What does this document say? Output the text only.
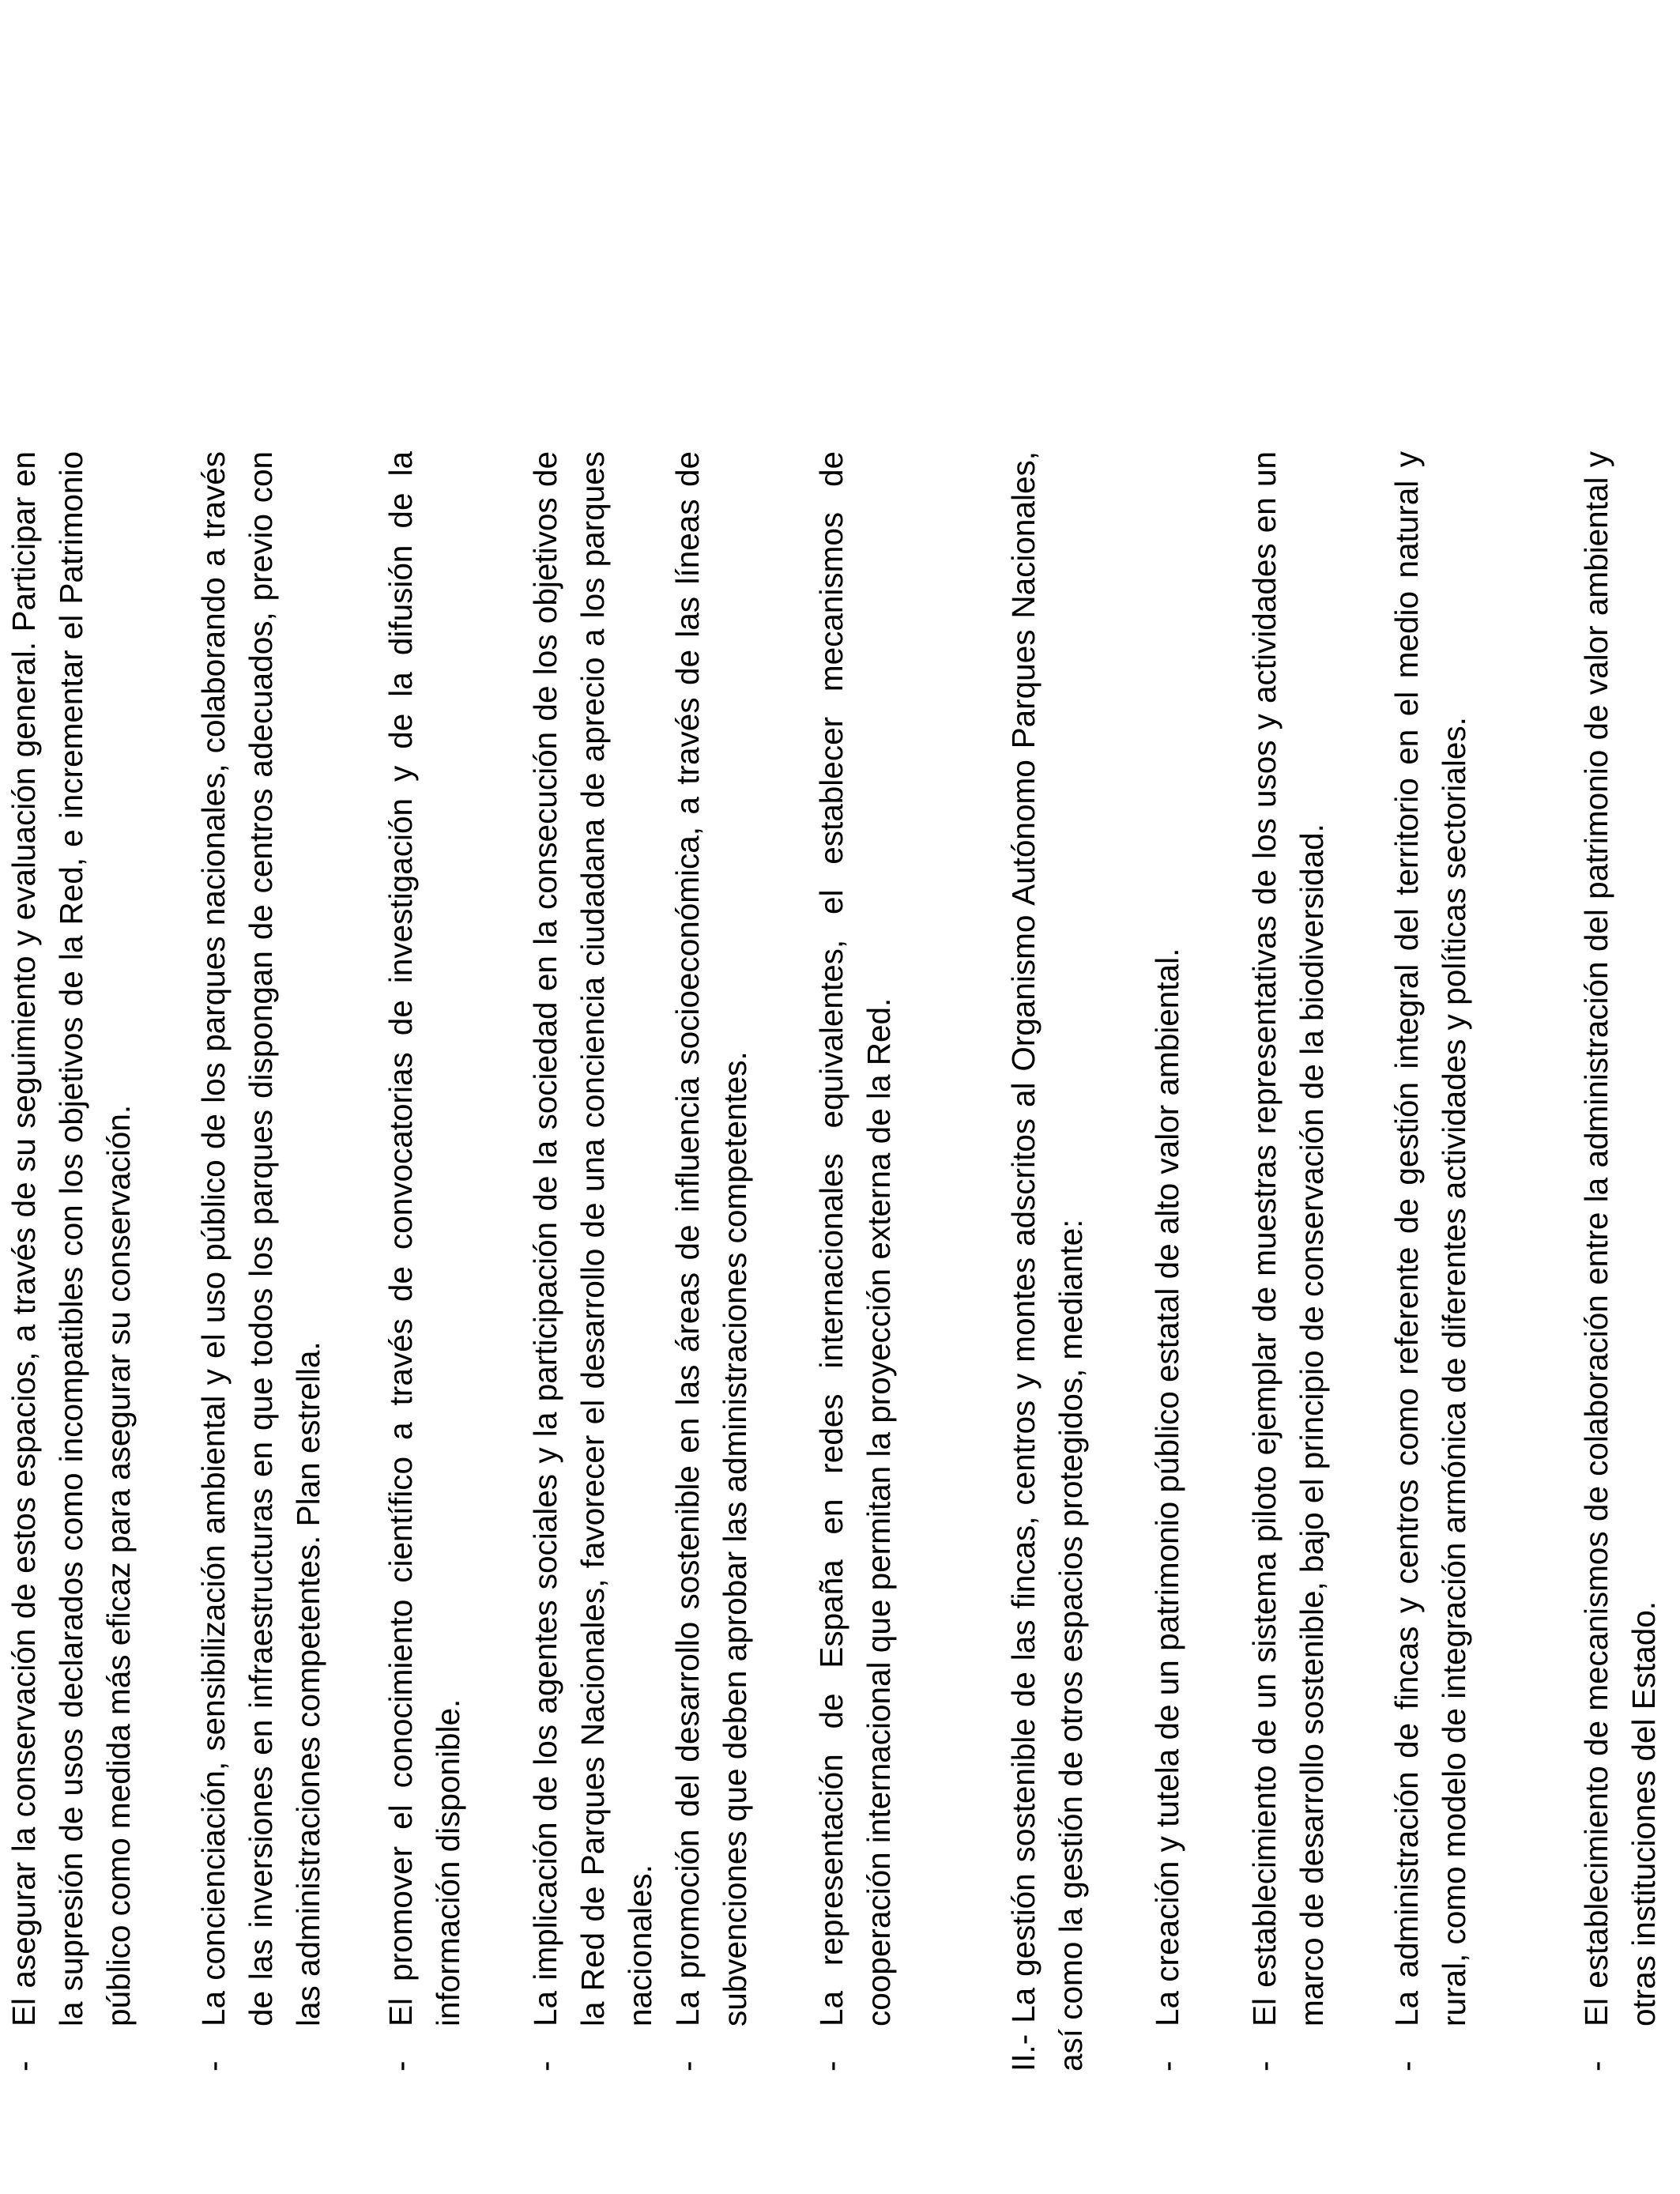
-
El asegurar la conservación de estos espacios, a través de su seguimiento y evaluación general. Participar en la supresión de usos declarados como incompatibles con los objetivos de la Red, e incrementar el Patrimonio público como medida más eficaz para asegurar su conservación.
-
La concienciación, sensibilización ambiental y el uso público de los parques nacionales, colaborando a través de las inversiones en infraestructuras en que todos los parques dispongan de centros adecuados, previo con las administraciones competentes. Plan estrella.
-
El promover el conocimiento científico a través de convocatorias de investigación y de la difusión de la información disponible.
-
La implicación de los agentes sociales y la participación de la sociedad en la consecución de los objetivos de la Red de Parques Nacionales, favorecer el desarrollo de una conciencia ciudadana de aprecio a los parques nacionales.
-
La promoción del desarrollo sostenible en las áreas de influencia socioeconómica, a través de las líneas de subvenciones que deben aprobar las administraciones competentes.
-
La representación de España en redes internacionales equivalentes, el establecer mecanismos de cooperación internacional que permitan la proyección externa de la Red.	II.- La gestión sostenible de las fincas, centros y montes adscritos al Organismo Autónomo Parques Nacionales, así como la gestión de otros espacios protegidos, mediante: -
La creación y tutela de un patrimonio público estatal de alto valor ambiental.
-
El establecimiento de un sistema piloto ejemplar de muestras representativas de los usos y actividades en un marco de desarrollo sostenible, bajo el principio de conservación de la biodiversidad.
-
La administración de fincas y centros como referente de gestión integral del territorio en el medio natural y rural, como modelo de integración armónica de diferentes actividades y políticas sectoriales.
-
El establecimiento de mecanismos de colaboración entre la administración del patrimonio de valor ambiental y otras instituciones del Estado.
